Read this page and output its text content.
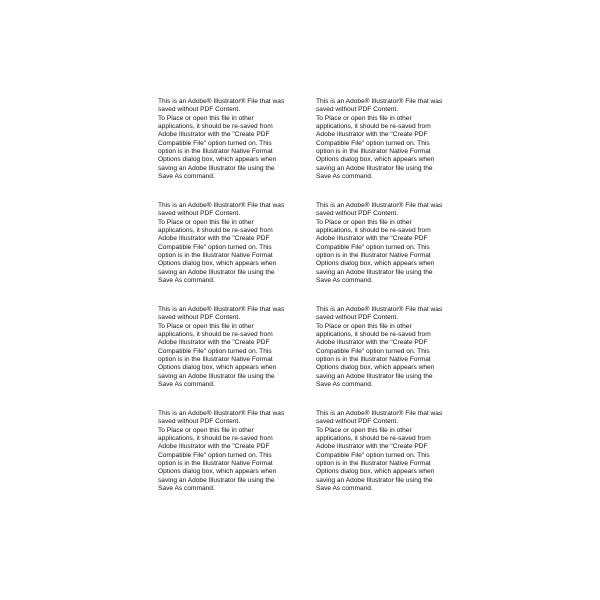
This is an Adobe® Illustrator® File that was
saved without PDF Content.
To Place or open this file in other
applications, it should be re-saved from
Adobe Illustrator with the "Create PDF
Compatible File" option turned on. This
option is in the Illustrator Native Format
Options dialog box, which appears when
saving an Adobe Illustrator file using the
Save As command.
This is an Adobe® Illustrator® File that was
saved without PDF Content.
To Place or open this file in other
applications, it should be re-saved from
Adobe Illustrator with the "Create PDF
Compatible File" option turned on. This
option is in the Illustrator Native Format
Options dialog box, which appears when
saving an Adobe Illustrator file using the
Save As command.
This is an Adobe® Illustrator® File that was
saved without PDF Content.
To Place or open this file in other
applications, it should be re-saved from
Adobe Illustrator with the "Create PDF
Compatible File" option turned on. This
option is in the Illustrator Native Format
Options dialog box, which appears when
saving an Adobe Illustrator file using the
Save As command.
This is an Adobe® Illustrator® File that was
saved without PDF Content.
To Place or open this file in other
applications, it should be re-saved from
Adobe Illustrator with the "Create PDF
Compatible File" option turned on. This
option is in the Illustrator Native Format
Options dialog box, which appears when
saving an Adobe Illustrator file using the
Save As command.
This is an Adobe® Illustrator® File that was
saved without PDF Content.
To Place or open this file in other
applications, it should be re-saved from
Adobe Illustrator with the "Create PDF
Compatible File" option turned on. This
option is in the Illustrator Native Format
Options dialog box, which appears when
saving an Adobe Illustrator file using the
Save As command.
This is an Adobe® Illustrator® File that was
saved without PDF Content.
To Place or open this file in other
applications, it should be re-saved from
Adobe Illustrator with the "Create PDF
Compatible File" option turned on. This
option is in the Illustrator Native Format
Options dialog box, which appears when
saving an Adobe Illustrator file using the
Save As command.
This is an Adobe® Illustrator® File that was
saved without PDF Content.
To Place or open this file in other
applications, it should be re-saved from
Adobe Illustrator with the "Create PDF
Compatible File" option turned on. This
option is in the Illustrator Native Format
Options dialog box, which appears when
saving an Adobe Illustrator file using the
Save As command.
This is an Adobe® Illustrator® File that was
saved without PDF Content.
To Place or open this file in other
applications, it should be re-saved from
Adobe Illustrator with the "Create PDF
Compatible File" option turned on. This
option is in the Illustrator Native Format
Options dialog box, which appears when
saving an Adobe Illustrator file using the
Save As command.
